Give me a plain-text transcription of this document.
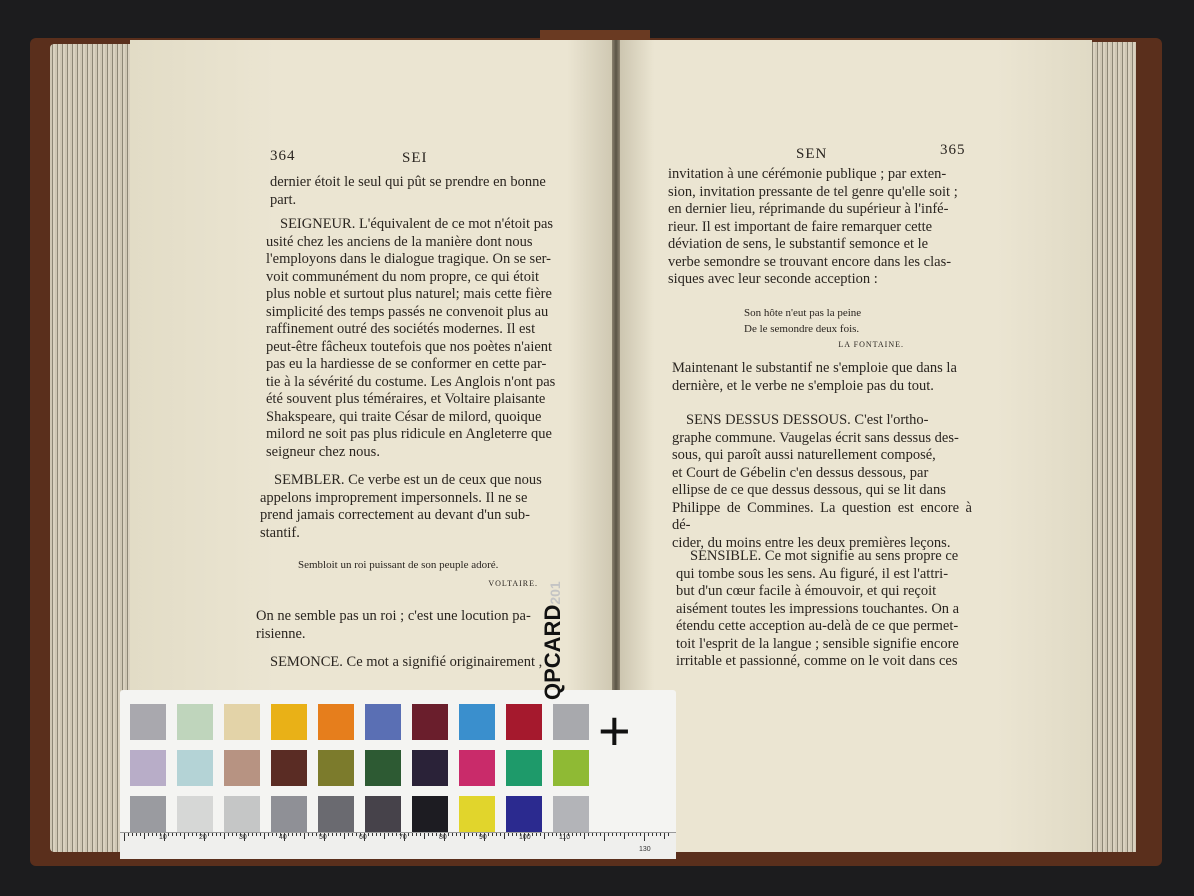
364	SEI

dernier étoit le seul qui pût se prendre en bonne

part.

SEIGNEUR. L'équivalent de ce mot n'étoit pas

usité chez les anciens de la manière dont nous

l'employons dans le dialogue tragique. On se ser-

voit communément du nom propre, ce qui étoit

plus noble et surtout plus naturel; mais cette fière

simplicité des temps passés ne convenoit plus au

raffinement outré des sociétés modernes. Il est

peut-être fâcheux toutefois que nos poètes n'aient

pas eu la hardiesse de se conformer en cette par-

tie à la sévérité du costume. Les Anglois n'ont pas

été souvent plus téméraires, et Voltaire plaisante

Shakspeare, qui traite César de milord, quoique

milord ne soit pas plus ridicule en Angleterre que

seigneur chez nous.

SEMBLER. Ce verbe est un de ceux que nous

appelons improprement impersonnels. Il ne se

prend jamais correctement au devant d'un sub-

stantif.

Sembloit un roi puissant de son peuple adoré.
VOLTAIRE.

On ne semble pas un roi ; c'est une locution pa-

risienne.

SEMONCE. Ce mot a signifié originairement ,

SEN	365

invitation à une cérémonie publique ; par exten-

sion, invitation pressante de tel genre qu'elle soit ;

en dernier lieu, réprimande du supérieur à l'infé-

rieur. Il est important de faire remarquer cette

déviation de sens, le substantif semonce et le

verbe semondre se trouvant encore dans les clas-

siques avec leur seconde acception :

Son hôte n'eut pas la peine
De le semondre deux fois.
LA FONTAINE.

Maintenant le substantif ne s'emploie que dans la

dernière, et le verbe ne s'emploie pas du tout.

SENS DESSUS DESSOUS. C'est l'ortho-

graphe commune. Vaugelas écrit sans dessus des-

sous, qui paroît aussi naturellement composé,

et Court de Gébelin c'en dessus dessous, par

ellipse de ce que dessus dessous, qui se lit dans

Philippe de Commines. La question est encore à dé-

cider, du moins entre les deux premières leçons.

SENSIBLE. Ce mot signifie au sens propre ce

qui tombe sous les sens. Au figuré, il est l'attri-

but d'un cœur facile à émouvoir, et qui reçoit

aisément toutes les impressions touchantes. On a

étendu cette acception au-delà de ce que permet-

toit l'esprit de la langue ; sensible signifie encore

irritable et passionné, comme on le voit dans ces

+
10	20	30	40	50	60	70	80	90	100	110
130
QPCARD201
